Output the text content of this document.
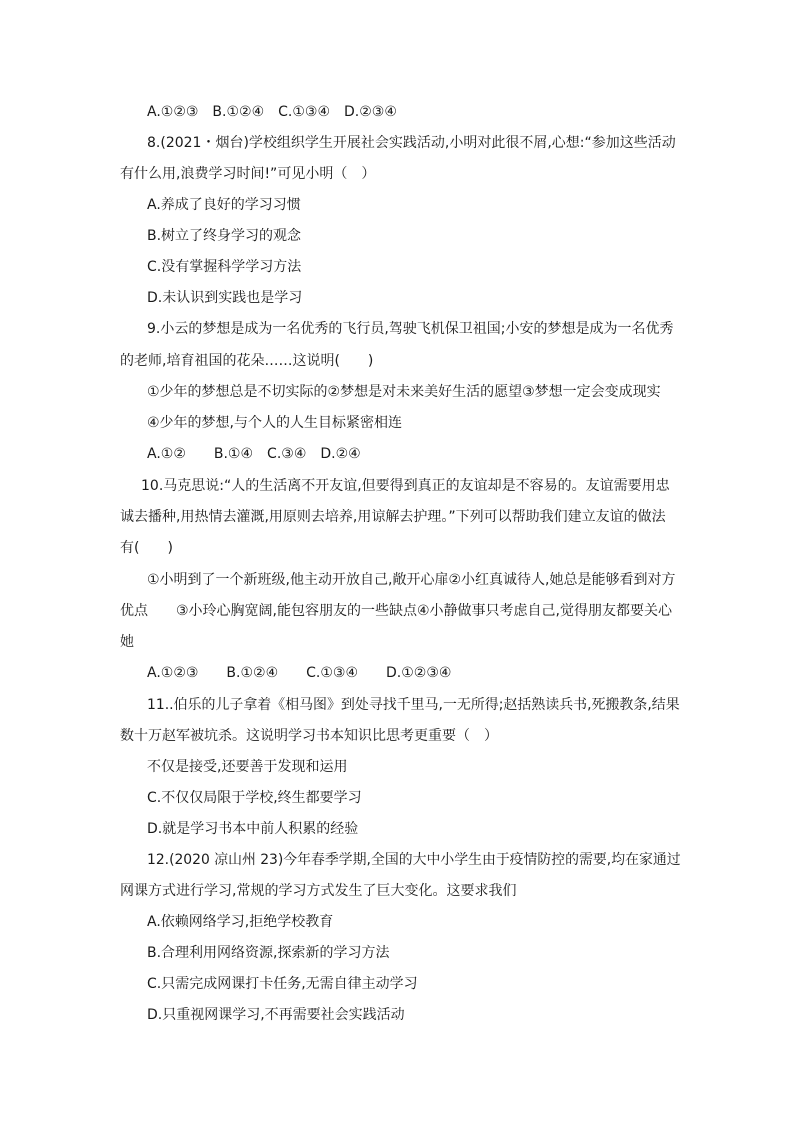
A.①②③　B.①②④　C.①③④　D.②③④
8.(2021・烟台)学校组织学生开展社会实践活动,小明对此很不屑,心想:“参加这些活动
有什么用,浪费学习时间!”可见小明（　）
A.养成了良好的学习习惯
B.树立了终身学习的观念
C.没有掌握科学学习方法
D.未认识到实践也是学习
9.小云的梦想是成为一名优秀的飞行员,驾驶飞机保卫祖国;小安的梦想是成为一名优秀
的老师,培育祖国的花朵……这说明(　　)
①少年的梦想总是不切实际的②梦想是对未来美好生活的愿望③梦想一定会变成现实
④少年的梦想,与个人的人生目标紧密相连
A.①②　　B.①④　C.③④　D.②④
10.马克思说:“人的生活离不开友谊,但要得到真正的友谊却是不容易的。友谊需要用忠
诚去播种,用热情去灌溉,用原则去培养,用谅解去护理。”下列可以帮助我们建立友谊的做法
有(　　)
①小明到了一个新班级,他主动开放自己,敞开心扉②小红真诚待人,她总是能够看到对方
优点　　③小玲心胸宽阔,能包容朋友的一些缺点④小静做事只考虑自己,觉得朋友都要关心
她
A.①②③　　B.①②④　　C.①③④　　D.①②③④
11..伯乐的儿子拿着《相马图》到处寻找千里马,一无所得;赵括熟读兵书,死搬教条,结果
数十万赵军被坑杀。这说明学习书本知识比思考更重要（　）
不仅是接受,还要善于发现和运用
C.不仅仅局限于学校,终生都要学习
D.就是学习书本中前人积累的经验
12.(2020 凉山州 23)今年春季学期,全国的大中小学生由于疫情防控的需要,均在家通过
网课方式进行学习,常规的学习方式发生了巨大变化。这要求我们
A.依赖网络学习,拒绝学校教育
B.合理利用网络资源,探索新的学习方法
C.只需完成网课打卡任务,无需自律主动学习
D.只重视网课学习,不再需要社会实践活动
